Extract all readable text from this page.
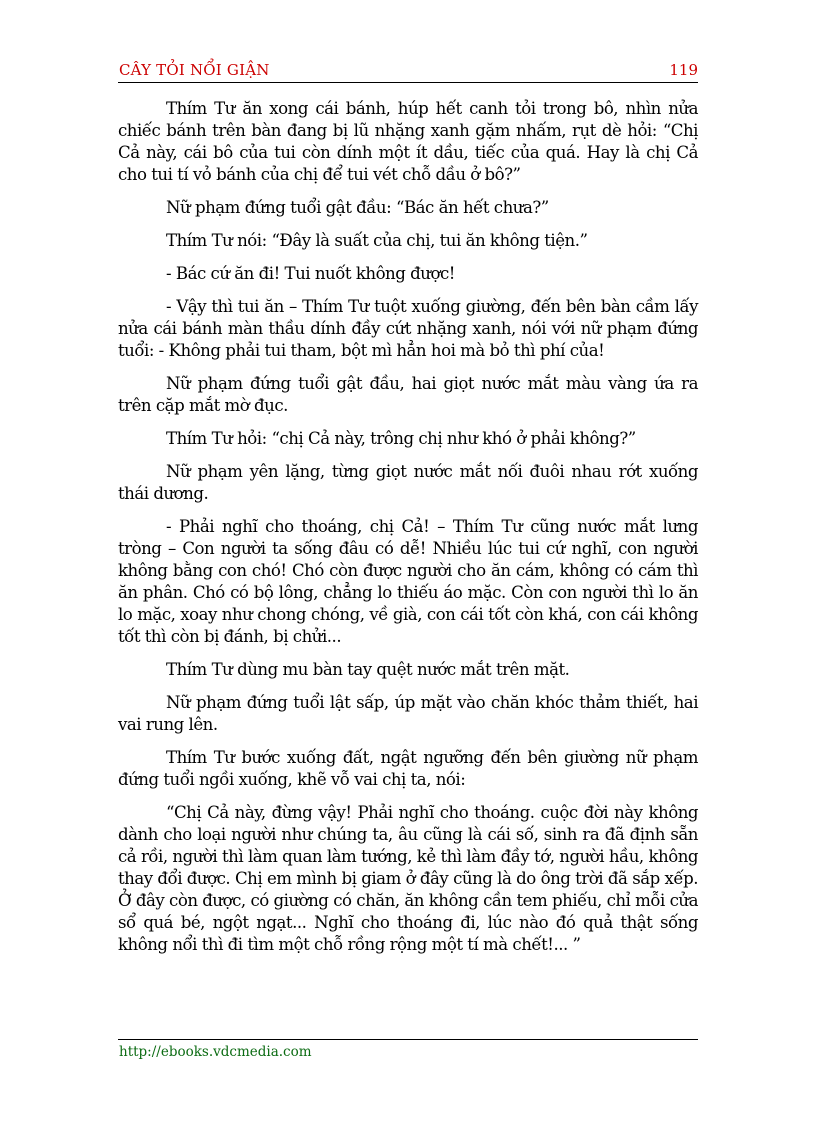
CÂY TỎI NỔI GIẬN	119

Thím Tư ăn xong cái bánh, húp hết canh tỏi trong bô, nhìn nửa chiếc bánh trên bàn đang bị lũ nhặng xanh gặm nhấm, rụt dè hỏi: “Chị Cả này, cái bô của tui còn dính một ít dầu, tiếc của quá. Hay là chị Cả cho tui tí vỏ bánh của chị để tui vét chỗ dầu ở bô?”

Nữ phạm đứng tuổi gật đầu: “Bác ăn hết chưa?”

Thím Tư nói: “Đây là suất của chị, tui ăn không tiện.”

- Bác cứ ăn đi! Tui nuốt không được!

- Vậy thì tui ăn – Thím Tư tuột xuống giường, đến bên bàn cầm lấy nửa cái bánh màn thầu dính đầy cứt nhặng xanh, nói với nữ phạm đứng tuổi: - Không phải tui tham, bột mì hẳn hoi mà bỏ thì phí của!

Nữ phạm đứng tuổi gật đầu, hai giọt nước mắt màu vàng ứa ra trên cặp mắt mờ đục.

Thím Tư hỏi: “chị Cả này, trông chị như khó ở phải không?”

Nữ phạm yên lặng, từng giọt nước mắt nối đuôi nhau rớt xuống thái dương.

- Phải nghĩ cho thoáng, chị Cả! – Thím Tư cũng nước mắt lưng tròng – Con người ta sống đâu có dễ! Nhiều lúc tui cứ nghĩ, con người không bằng con chó! Chó còn được người cho ăn cám, không có cám thì ăn phân. Chó có bộ lông, chẳng lo thiếu áo mặc. Còn con người thì lo ăn lo mặc, xoay như chong chóng, về già, con cái tốt còn khá, con cái không tốt thì còn bị đánh, bị chửi...

Thím Tư dùng mu bàn tay quệt nước mắt trên mặt.

Nữ phạm đứng tuổi lật sấp, úp mặt vào chăn khóc thảm thiết, hai vai rung lên.

Thím Tư bước xuống đất, ngật ngưỡng đến bên giường nữ phạm đứng tuổi ngồi xuống, khẽ vỗ vai chị ta, nói:

“Chị Cả này, đừng vậy! Phải nghĩ cho thoáng. cuộc đời này không dành cho loại người như chúng ta, âu cũng là cái số, sinh ra đã định sẵn cả rồi, người thì làm quan làm tướng, kẻ thì làm đầy tớ, người hầu, không thay đổi được. Chị em mình bị giam ở đây cũng là do ông trời đã sắp xếp. Ở đây còn được, có giường có chăn, ăn không cần tem phiếu, chỉ mỗi cửa sổ quá bé, ngột ngạt... Nghĩ cho thoáng đi, lúc nào đó quả thật sống không nổi thì đi tìm một chỗ rồng rộng một tí mà chết!... ”

http://ebooks.vdcmedia.com
